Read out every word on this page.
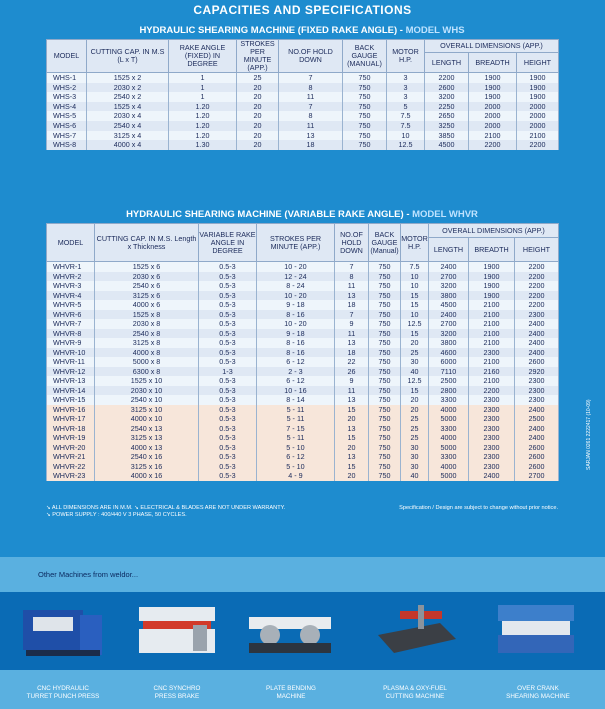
CAPACITIES AND SPECIFICATIONS
HYDRAULIC SHEARING MACHINE (FIXED RAKE ANGLE) - MODEL WHS
MODEL	CUTTING CAP. IN M.S (L x T)	RAKE ANGLE (FIXED) IN DEGREE	STROKES PER MINUTE (APP.)	NO.OF HOLD DOWN	BACK GAUGE (MANUAL)	MOTOR H.P.	OVERALL DIMENSIONS (APP.)		
							LENGTH	BREADTH	HEIGHT
WHS-1	1525 x 2	1	25	7	750	3	2200	1900	1900
WHS-2	2030 x 2	1	20	8	750	3	2600	1900	1900
WHS-3	2540 x 2	1	20	11	750	3	3200	1900	1900
WHS-4	1525 x 4	1.20	20	7	750	5	2250	2000	2000
WHS-5	2030 x 4	1.20	20	8	750	7.5	2650	2000	2000
WHS-6	2540 x 4	1.20	20	11	750	7.5	3250	2000	2000
WHS-7	3125 x 4	1.20	20	13	750	10	3850	2100	2100
WHS-8	4000 x 4	1.30	20	18	750	12.5	4500	2200	2200
HYDRAULIC SHEARING MACHINE (VARIABLE RAKE ANGLE) - MODEL WHVR
MODEL	CUTTING CAP. IN M.S. Length x Thickness	VARIABLE RAKE ANGLE IN DEGREE	STROKES PER MINUTE (APP.)	NO.OF HOLD DOWN	BACK GAUGE (Manual)	MOTOR H.P.	OVERALL DIMENSIONS (APP.)		
							LENGTH	BREADTH	HEIGHT
WHVR-1	1525 x 6	0.5-3	10 - 20	7	750	7.5	2400	1900	2200
WHVR-2	2030 x 6	0.5-3	12 - 24	8	750	10	2700	1900	2200
WHVR-3	2540 x 6	0.5-3	8 - 24	11	750	10	3200	1900	2200
WHVR-4	3125 x 6	0.5-3	10 - 20	13	750	15	3800	1900	2200
WHVR-5	4000 x 6	0.5-3	9 - 18	18	750	15	4500	2100	2200
WHVR-6	1525 x 8	0.5-3	8 - 16	7	750	10	2400	2100	2300
WHVR-7	2030 x 8	0.5-3	10 - 20	9	750	12.5	2700	2100	2400
WHVR-8	2540 x 8	0.5-3	9 - 18	11	750	15	3200	2100	2400
WHVR-9	3125 x 8	0.5-3	8 - 16	13	750	20	3800	2100	2400
WHVR-10	4000 x 8	0.5-3	8 - 16	18	750	25	4600	2300	2400
WHVR-11	5000 x 8	0.5-3	6 - 12	22	750	30	6000	2100	2600
WHVR-12	6300 x 8	1-3	2 - 3	26	750	40	7110	2160	2920
WHVR-13	1525 x 10	0.5-3	6 - 12	9	750	12.5	2500	2100	2300
WHVR-14	2030 x 10	0.5-3	10 - 16	11	750	15	2800	2200	2300
WHVR-15	2540 x 10	0.5-3	8 - 14	13	750	20	3300	2300	2300
WHVR-16	3125 x 10	0.5-3	5 - 11	15	750	20	4000	2300	2400
WHVR-17	4000 x 10	0.5-3	5 - 11	20	750	25	5000	2300	2500
WHVR-18	2540 x 13	0.5-3	7 - 15	13	750	25	3300	2300	2400
WHVR-19	3125 x 13	0.5-3	5 - 11	15	750	25	4000	2300	2400
WHVR-20	4000 x 13	0.5-3	5 - 10	20	750	30	5000	2300	2600
WHVR-21	2540 x 16	0.5-3	6 - 12	13	750	30	3300	2300	2600
WHVR-22	3125 x 16	0.5-3	5 - 10	15	750	30	4000	2300	2600
WHVR-23	4000 x 16	0.5-3	4 - 9	20	750	40	5000	2400	2700
↘ ALL DIMENSIONS ARE IN M.M. ↘ ELECTRICAL & BLADES ARE NOT UNDER WARRANTY.
↘ POWER SUPPLY : 400/440 V 3 PHASE, 50 CYCLES.
Specification / Design are subject to change without prior notice.
SARJAN 0261 2222417 (10-09)
Other Machines from weldor...
CNC HYDRAULIC
TURRET PUNCH PRESS
CNC SYNCHRO
PRESS BRAKE
PLATE BENDING
MACHINE
PLASMA & OXY-FUEL
CUTTING MACHINE
OVER CRANK
SHEARING MACHINE
